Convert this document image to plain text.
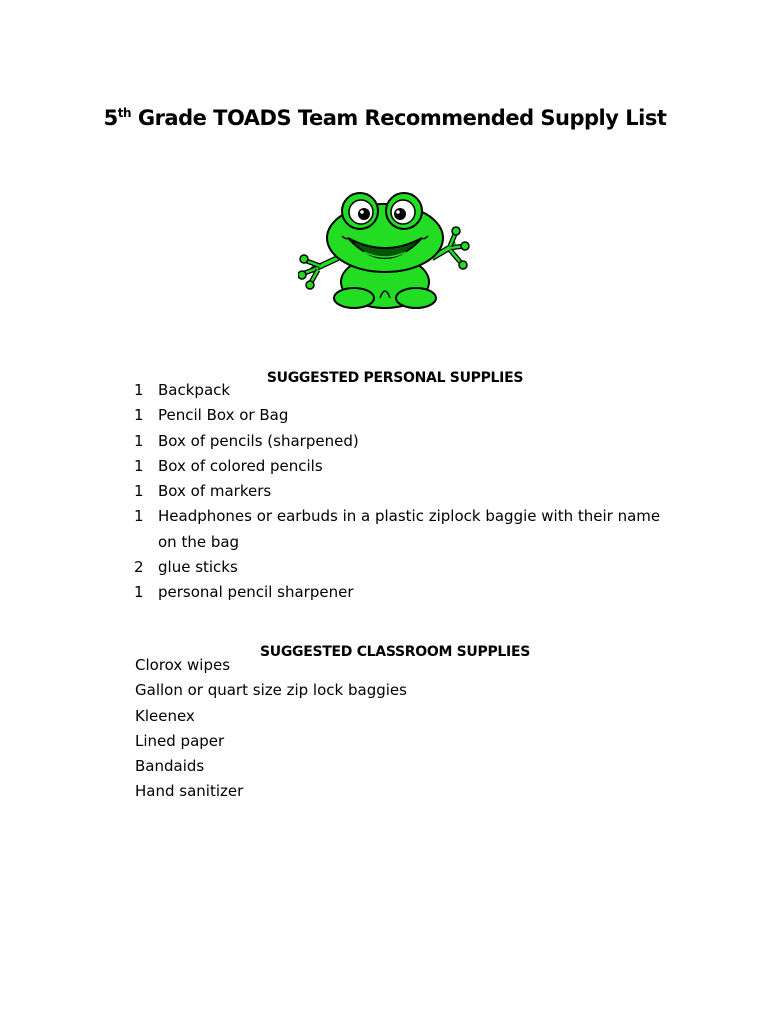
5th Grade TOADS Team Recommended Supply List
SUGGESTED PERSONAL SUPPLIES
1 Backpack
1 Pencil Box or Bag
1 Box of pencils (sharpened)
1 Box of colored pencils
1 Box of markers
1 Headphones or earbuds in a plastic ziplock baggie with their name on the bag
2 glue sticks
1 personal pencil sharpener
SUGGESTED CLASSROOM SUPPLIES
Clorox wipes
Gallon or quart size zip lock baggies
Kleenex
Lined paper
Bandaids
Hand sanitizer
